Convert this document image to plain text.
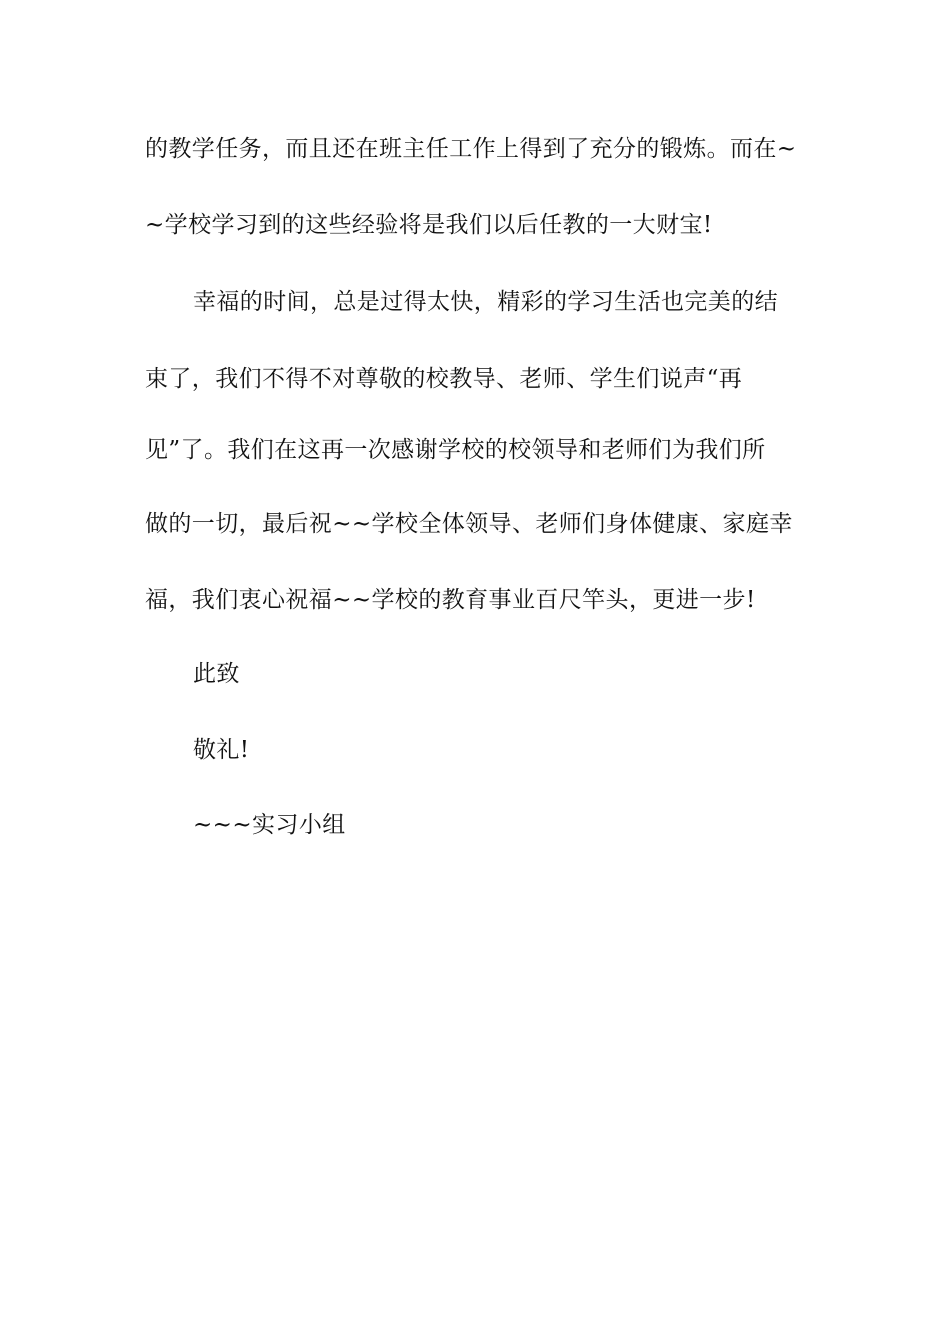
的教学任务，而且还在班主任工作上得到了充分的锻炼。而在~
~学校学习到的这些经验将是我们以后任教的一大财宝!
幸福的时间，总是过得太快，精彩的学习生活也完美的结
束了，我们不得不对尊敬的校教导、老师、学生们说声“再
见”了。我们在这再一次感谢学校的校领导和老师们为我们所
做的一切，最后祝~~学校全体领导、老师们身体健康、家庭幸
福，我们衷心祝福~~学校的教育事业百尺竿头，更进一步!
此致
敬礼!
~~~实习小组
